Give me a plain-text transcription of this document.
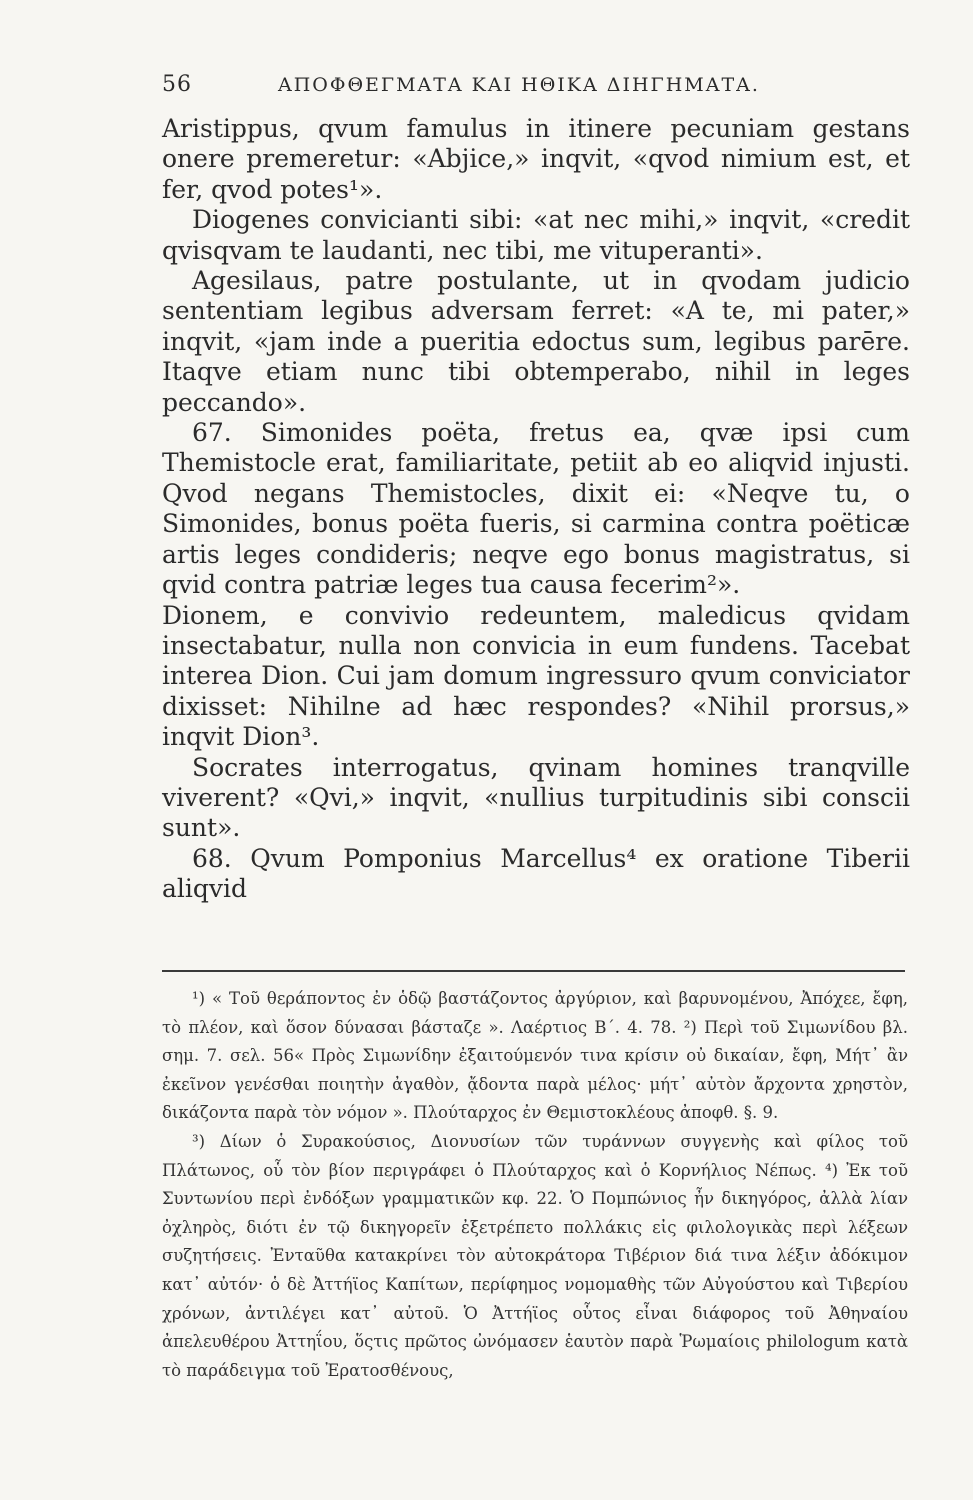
56	ΑΠΟΦΘΕΓΜΑΤΑ ΚΑΙ ΗΘΙΚΑ ΔΙΗΓΗΜΑΤΑ.

Aristippus, qvum famulus in itinere pecuniam gestans onere premeretur: «Abjice,» inqvit, «qvod nimium est, et fer, qvod potes¹».

Diogenes convicianti sibi: «at nec mihi,» inqvit, «credit qvisqvam te laudanti, nec tibi, me vituperanti».

Agesilaus, patre postulante, ut in qvodam judicio sententiam legibus adversam ferret: «A te, mi pater,» inqvit, «jam inde a pueritia edoctus sum, legibus parēre. Itaqve etiam nunc tibi obtemperabo, nihil in leges peccando».

67. Simonides poëta, fretus ea, qvæ ipsi cum Themistocle erat, familiaritate, petiit ab eo aliqvid injusti. Qvod negans Themistocles, dixit ei: «Neqve tu, o Simonides, bonus poëta fueris, si carmina contra poëticæ artis leges condideris; neqve ego bonus magistratus, si qvid contra patriæ leges tua causa fecerim²».

Dionem, e convivio redeuntem, maledicus qvidam insectabatur, nulla non convicia in eum fundens. Tacebat interea Dion. Cui jam domum ingressuro qvum conviciator dixisset: Nihilne ad hæc respondes? «Nihil prorsus,» inqvit Dion³.

Socrates interrogatus, qvinam homines tranqville viverent? «Qvi,» inqvit, «nullius turpitudinis sibi conscii sunt».

68. Qvum Pomponius Marcellus⁴ ex oratione Tiberii aliqvid

¹) « Τοῦ θεράποντος ἐν ὁδῷ βαστάζοντος ἀργύριον, καὶ βαρυνομένου, Ἀπόχεε, ἔφη, τὸ πλέον, καὶ ὅσον δύνασαι βάσταζε ». Λαέρτιος Β΄. 4. 78. ²) Περὶ τοῦ Σιμωνίδου βλ. σημ. 7. σελ. 56« Πρὸς Σιμωνίδην ἐξαιτούμενόν τινα κρίσιν οὐ δικαίαν, ἔφη, Μήτ᾽ ἂν ἐκεῖνον γενέσθαι ποιητὴν ἀγαθὸν, ᾄδοντα παρὰ μέλος· μήτ᾽ αὐτὸν ἄρχοντα χρηστὸν, δικάζοντα παρὰ τὸν νόμον ». Πλούταρχος ἐν Θεμιστοκλέους ἀποφθ. §. 9.

³) Δίων ὁ Συρακούσιος, Διονυσίων τῶν τυράννων συγγενὴς καὶ φίλος τοῦ Πλάτωνος, οὗ τὸν βίον περιγράφει ὁ Πλούταρχος καὶ ὁ Κορνήλιος Νέπως. ⁴) Ἐκ τοῦ Συντωνίου περὶ ἐνδόξων γραμματικῶν κφ. 22. Ὁ Πομπώνιος ἦν δικηγόρος, ἀλλὰ λίαν ὀχληρὸς, διότι ἐν τῷ δικηγορεῖν ἐξετρέπετο πολλάκις εἰς φιλολογικὰς περὶ λέξεων συζητήσεις. Ἐνταῦθα κατακρίνει τὸν αὐτοκράτορα Τιβέριον διά τινα λέξιν ἀδόκιμον κατ᾽ αὐτόν· ὁ δὲ Ἀττήϊος Καπίτων, περίφημος νομομαθὴς τῶν Αὐγούστου καὶ Τιβερίου χρόνων, ἀντιλέγει κατ᾽ αὐτοῦ. Ὁ Ἀττήϊος οὗτος εἶναι διάφορος τοῦ Ἀθηναίου ἀπελευθέρου Ἀττηΐου, ὅςτις πρῶτος ὠνόμασεν ἑαυτὸν παρὰ Ῥωμαίοις philologum κατὰ τὸ παράδειγμα τοῦ Ἐρατοσθένους,
